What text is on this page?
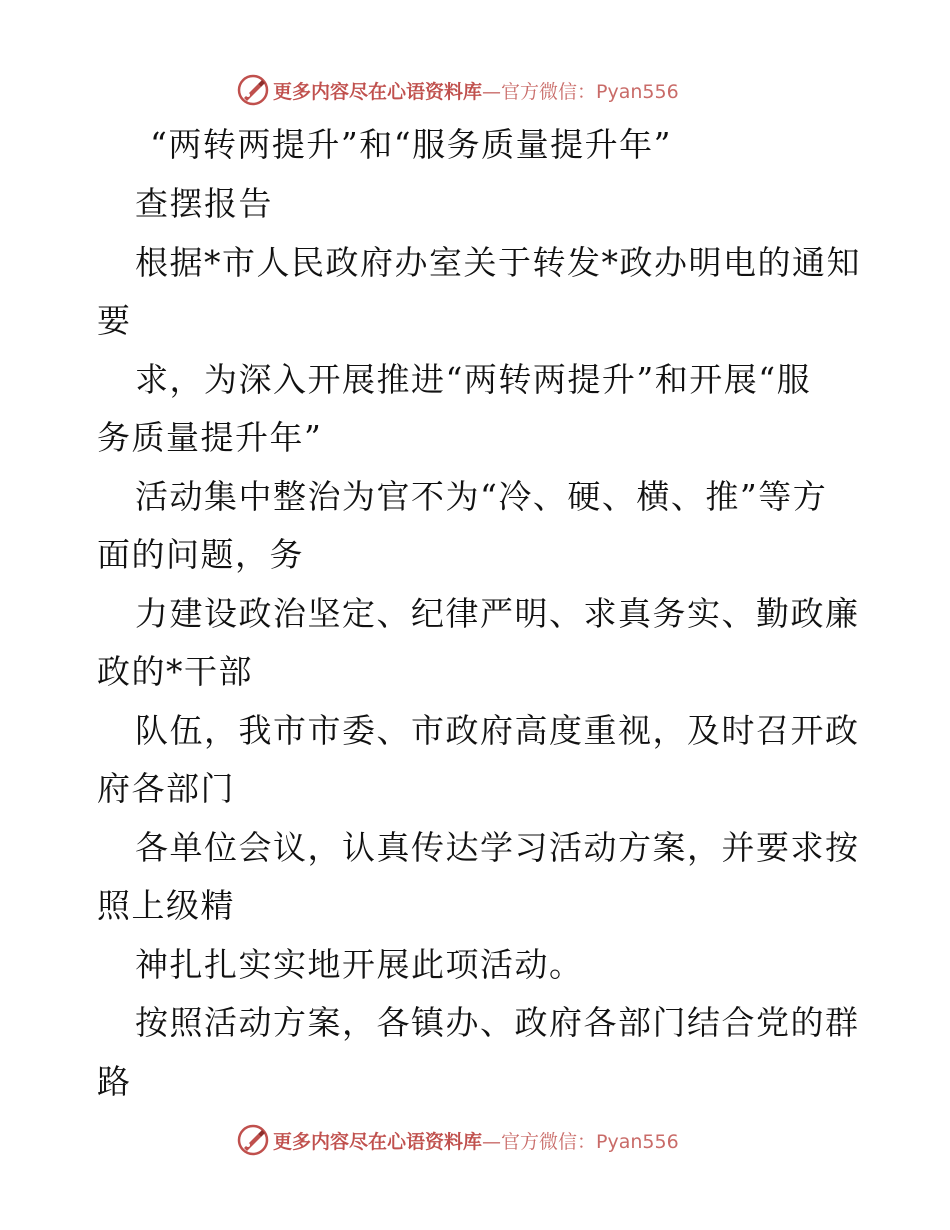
更多内容尽在心语资料库 —官方微信：Pyan556
“两转两提升”和“服务质量提升年”
查摆报告
根据*市人民政府办室关于转发*政办明电的通知
要
求，为深入开展推进“两转两提升”和开展“服
务质量提升年”
活动集中整治为官不为“冷、硬、横、推”等方
面的问题，务
力建设政治坚定、纪律严明、求真务实、勤政廉
政的*干部
队伍，我市市委、市政府高度重视，及时召开政
府各部门
各单位会议，认真传达学习活动方案，并要求按
照上级精
神扎扎实实地开展此项活动。
按照活动方案，各镇办、政府各部门结合党的群
路
更多内容尽在心语资料库 —官方微信：Pyan556
